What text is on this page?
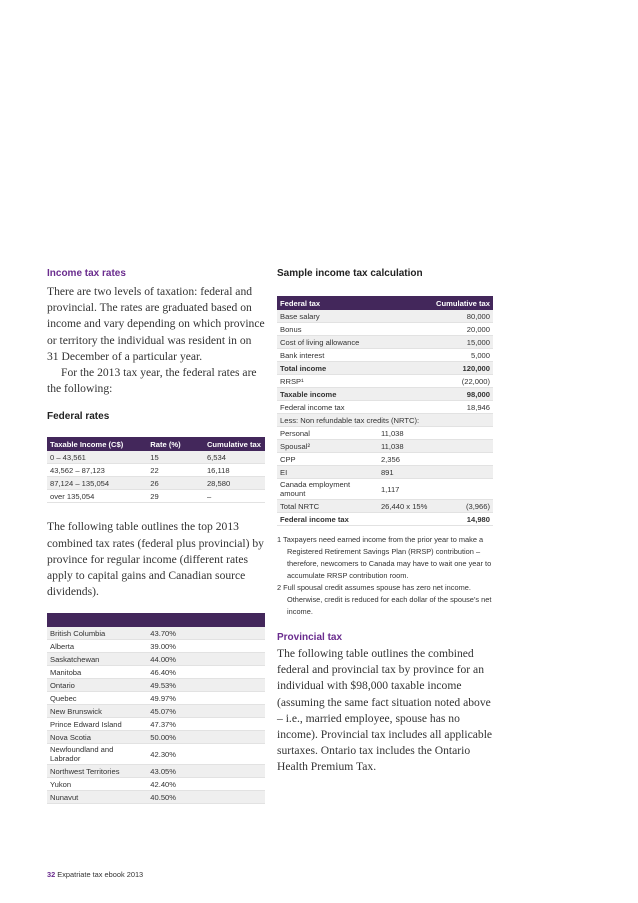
Income tax rates

There are two levels of taxation: federal and provincial. The rates are graduated based on income and vary depending on which province or territory the individual was resident in on 31 December of a particular year.

For the 2013 tax year, the federal rates are the following:

Federal rates
Taxable Income (C$)	Rate (%)	Cumulative tax
0 – 43,561	15	6,534
43,562 – 87,123	22	16,118
87,124 – 135,054	26	28,580
over 135,054	29	–

The following table outlines the top 2013 combined tax rates (federal plus provincial) by province for regular income (different rates apply to capital gains and Canadian source dividends).

British Columbia	43.70%	
Alberta	39.00%	
Saskatchewan	44.00%	
Manitoba	46.40%	
Ontario	49.53%	
Quebec	49.97%	
New Brunswick	45.07%	
Prince Edward Island	47.37%	
Nova Scotia	50.00%	
Newfoundland and Labrador	42.30%	
Northwest Territories	43.05%	
Yukon	42.40%	
Nunavut	40.50%	
Sample income tax calculation
Federal tax		Cumulative tax
Base salary		80,000
Bonus		20,000
Cost of living allowance		15,000
Bank interest		5,000
Total income		120,000
RRSP¹		(22,000)
Taxable income		98,000
Federal income tax		18,946
Less: Non refundable tax credits (NRTC):		
Personal	11,038	
Spousal²	11,038	
CPP	2,356	
EI	891	
Canada employment amount	1,117	
Total NRTC	26,440 x 15%	(3,966)
Federal income tax		14,980
1 Taxpayers need earned income from the prior year to make a Registered Retirement Savings Plan (RRSP) contribution – therefore, newcomers to Canada may have to wait one year to accumulate RRSP contribution room.
2 Full spousal credit assumes spouse has zero net income. Otherwise, credit is reduced for each dollar of the spouse’s net income.
Provincial tax

The following table outlines the combined federal and provincial tax by province for an individual with $98,000 taxable income (assuming the same fact situation noted above – i.e., married employee, spouse has no income). Provincial tax includes all applicable surtaxes. Ontario tax includes the Ontario Health Premium Tax.

32 Expatriate tax ebook 2013
